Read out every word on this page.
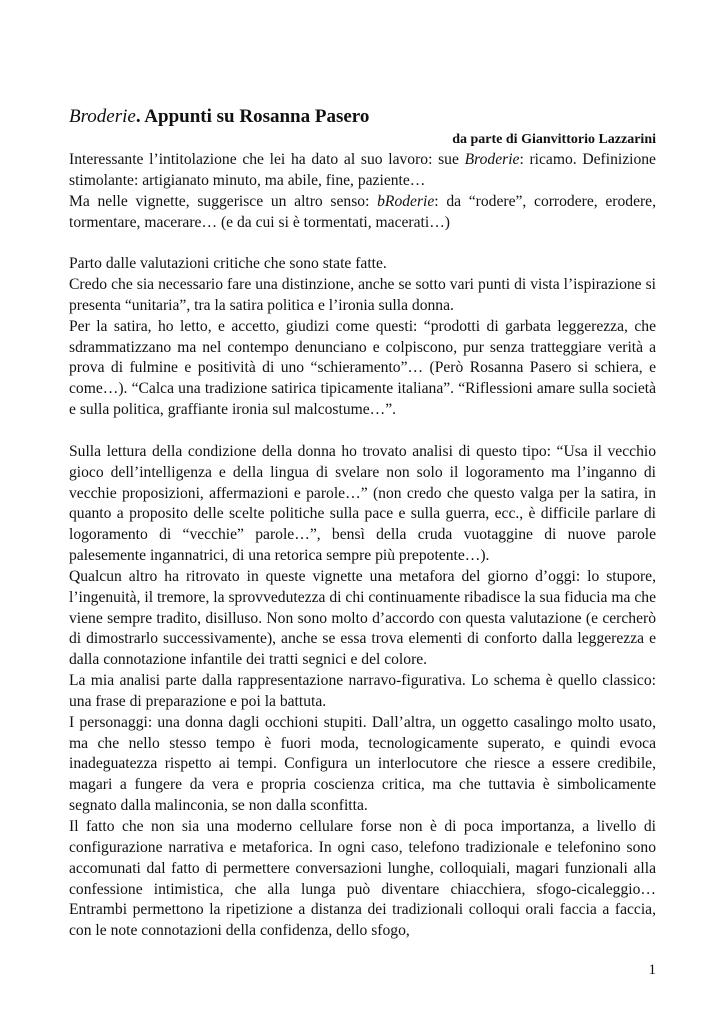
Broderie. Appunti su Rosanna Pasero

da parte di Gianvittorio Lazzarini

Interessante l’intitolazione che lei ha dato al suo lavoro: sue Broderie: ricamo. Definizione stimolante: artigianato minuto, ma abile, fine, paziente…

Ma nelle vignette, suggerisce un altro senso: bRoderie: da “rodere”, corrodere, erodere, tormentare, macerare… (e da cui si è tormentati, macerati…)

Parto dalle valutazioni critiche che sono state fatte.

Credo che sia necessario fare una distinzione, anche se sotto vari punti di vista l’ispirazione si presenta “unitaria”, tra la satira politica e l’ironia sulla donna.

Per la satira, ho letto, e accetto, giudizi come questi: “prodotti di garbata leggerezza, che sdrammatizzano ma nel contempo denunciano e colpiscono, pur senza tratteggiare verità a prova di fulmine e positività di uno “schieramento”… (Però Rosanna Pasero si schiera, e come…). “Calca una tradizione satirica tipicamente italiana”. “Riflessioni amare sulla società e sulla politica, graffiante ironia sul malcostume…”.

Sulla lettura della condizione della donna ho trovato analisi di questo tipo: “Usa il vecchio gioco dell’intelligenza e della lingua di svelare non solo il logoramento ma l’inganno di vecchie proposizioni, affermazioni e parole…” (non credo che questo valga per la satira, in quanto a proposito delle scelte politiche sulla pace e sulla guerra, ecc., è difficile parlare di logoramento di “vecchie” parole…”, bensì della cruda vuotaggine di nuove parole palesemente ingannatrici, di una retorica sempre più prepotente…).

Qualcun altro ha ritrovato in queste vignette una metafora del giorno d’oggi: lo stupore, l’ingenuità, il tremore, la sprovvedutezza di chi continuamente ribadisce la sua fiducia ma che viene sempre tradito, disilluso. Non sono molto d’accordo con questa valutazione (e cercherò di dimostrarlo successivamente), anche se essa trova elementi di conforto dalla leggerezza e dalla connotazione infantile dei tratti segnici e del colore.

La mia analisi parte dalla rappresentazione narravo-figurativa. Lo schema è quello classico: una frase di preparazione e poi la battuta.

I personaggi: una donna dagli occhioni stupiti. Dall’altra, un oggetto casalingo molto usato, ma che nello stesso tempo è fuori moda, tecnologicamente superato, e quindi evoca inadeguatezza rispetto ai tempi. Configura un interlocutore che riesce a essere credibile, magari a fungere da vera e propria coscienza critica, ma che tuttavia è simbolicamente segnato dalla malinconia, se non dalla sconfitta.

Il fatto che non sia una moderno cellulare forse non è di poca importanza, a livello di configurazione narrativa e metaforica. In ogni caso, telefono tradizionale e telefonino sono accomunati dal fatto di permettere conversazioni lunghe, colloquiali, magari funzionali alla confessione intimistica, che alla lunga può diventare chiacchiera, sfogo-cicaleggio… Entrambi permettono la ripetizione a distanza dei tradizionali colloqui orali faccia a faccia, con le note connotazioni della confidenza, dello sfogo,

1
